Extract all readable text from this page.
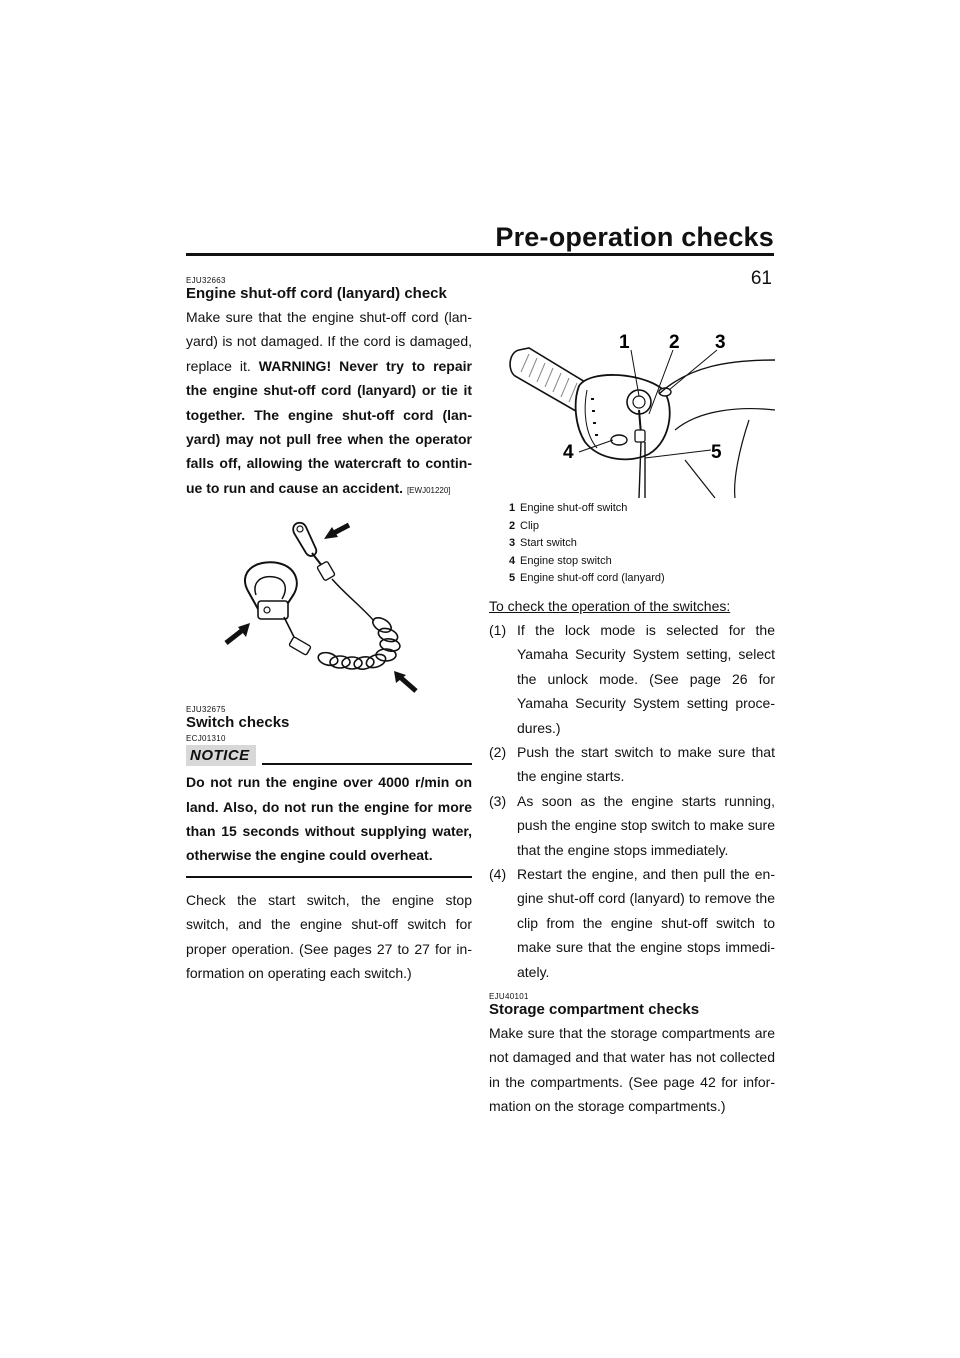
Pre-operation checks
61

EJU32663

Engine shut-off cord (lanyard) check

Make sure that the engine shut-off cord (lan-yard) is not damaged. If the cord is damaged, replace it. WARNING! Never try to repair the engine shut-off cord (lanyard) or tie it together. The engine shut-off cord (lan-yard) may not pull free when the operator falls off, allowing the watercraft to contin-ue to run and cause an accident. [EWJ01220]

EJU32675

Switch checks

ECJ01310

NOTICE

Do not run the engine over 4000 r/min on land. Also, do not run the engine for more than 15 seconds without supplying water, otherwise the engine could overheat.

Check the start switch, the engine stop switch, and the engine shut-off switch for proper operation. (See pages 27 to 27 for in-formation on operating each switch.)

1 2 3
4	5
1 Engine shut-off switch
2 Clip
3 Start switch
4 Engine stop switch
5 Engine shut-off cord (lanyard)

To check the operation of the switches:

(1) If the lock mode is selected for the Yamaha Security System setting, select the unlock mode. (See page 26 for Yamaha Security System setting proce-dures.)
(2) Push the start switch to make sure that the engine starts.
(3) As soon as the engine starts running, push the engine stop switch to make sure that the engine stops immediately.
(4) Restart the engine, and then pull the en-gine shut-off cord (lanyard) to remove the clip from the engine shut-off switch to make sure that the engine stops immedi-ately.

EJU40101

Storage compartment checks

Make sure that the storage compartments are not damaged and that water has not collected in the compartments. (See page 42 for infor-mation on the storage compartments.)
